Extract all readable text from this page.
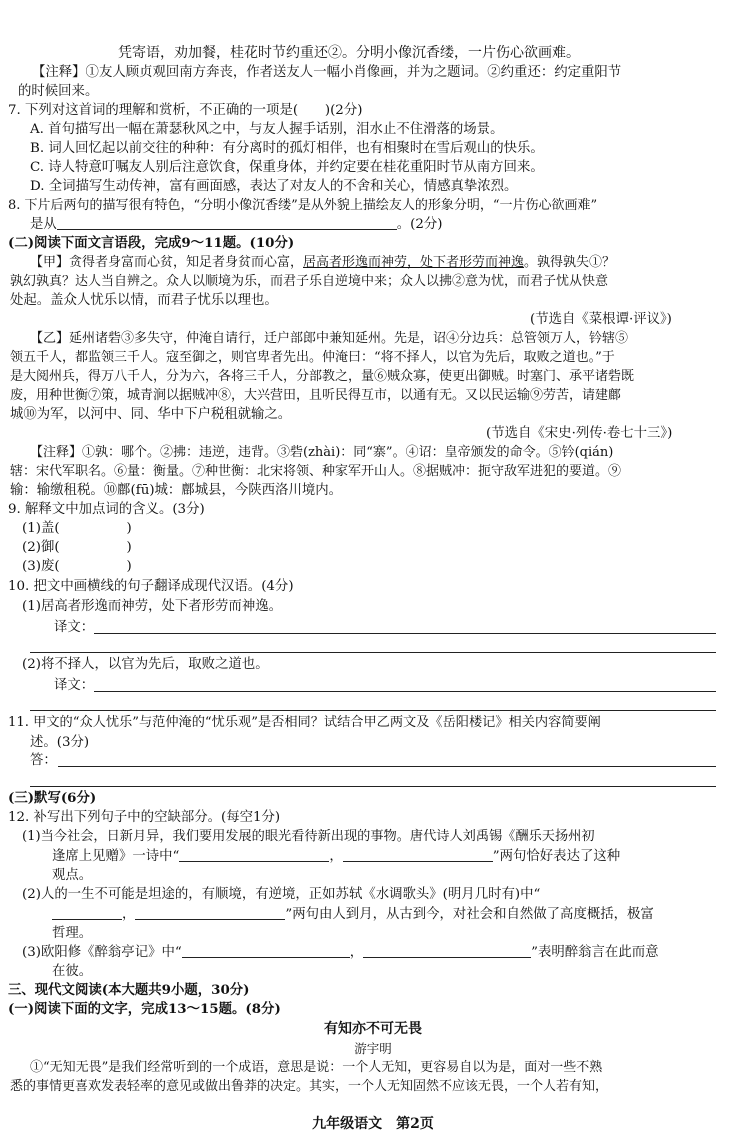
凭寄语，劝加餐，桂花时节约重还②。分明小像沉香缕，一片伤心欲画难。
【注释】①友人顾贞观回南方奔丧，作者送友人一幅小肖像画，并为之题词。②约重还：约定重阳节
的时候回来。
7. 下列对这首词的理解和赏析，不正确的一项是(　　)(2分)
A. 首句描写出一幅在萧瑟秋风之中，与友人握手话别，泪水止不住滑落的场景。
B. 词人回忆起以前交往的种种：有分离时的孤灯相伴，也有相聚时在雪后观山的快乐。
C. 诗人特意叮嘱友人别后注意饮食，保重身体，并约定要在桂花重阳时节从南方回来。
D. 全词描写生动传神，富有画面感，表达了对友人的不舍和关心，情感真挚浓烈。
8. 下片后两句的描写很有特色，“分明小像沉香缕”是从外貌上描绘友人的形象分明，“一片伤心欲画难”
是从	。(2分)
(二)阅读下面文言语段，完成9～11题。(10分)
【甲】贪得者身富而心贫，知足者身贫而心富，居高者形逸而神劳，处下者形劳而神逸。孰得孰失①？
孰幻孰真？达人当自辨之。众人以顺境为乐，而君子乐自逆境中来；众人以拂②意为忧，而君子忧从快意
处起。盖众人忧乐以情，而君子忧乐以理也。
(节选自《菜根谭·评议》)
【乙】延州诸砦③多失守，仲淹自请行，迁户部郎中兼知延州。先是，诏④分边兵：总管领万人，钤辖⑤
领五千人，都监领三千人。寇至御之，则官卑者先出。仲淹曰：“将不择人，以官为先后，取败之道也。”于
是大阅州兵，得万八千人，分为六，各将三千人，分部教之，量⑥贼众寡，使更出御贼。时塞门、承平诸砦既
废，用种世衡⑦策，城青涧以据贼冲⑧，大兴营田，且听民得互市，以通有无。又以民运输⑨劳苦，请建鄜
城⑩为军，以河中、同、华中下户税租就输之。
(节选自《宋史·列传·卷七十三》)
【注释】①孰：哪个。②拂：违逆，违背。③砦(zhài)：同“寨”。④诏：皇帝颁发的命令。⑤钤(qián)
辖：宋代军职名。⑥量：衡量。⑦种世衡：北宋将领、种家军开山人。⑧据贼冲：扼守敌军进犯的要道。⑨
输：输缴租税。⑩鄜(fū)城：鄜城县，今陕西洛川境内。
9. 解释文中加点词的含义。(3分)
(1)盖(　　　　　)
(2)御(　　　　　)
(3)废(　　　　　)
10. 把文中画横线的句子翻译成现代汉语。(4分)
(1)居高者形逸而神劳，处下者形劳而神逸。
译文：
(2)将不择人，以官为先后，取败之道也。
译文：
11. 甲文的“众人忧乐”与范仲淹的“忧乐观”是否相同？试结合甲乙两文及《岳阳楼记》相关内容简要阐
述。(3分)
答：
(三)默写(6分)
12. 补写出下列句子中的空缺部分。(每空1分)
(1)当今社会，日新月异，我们要用发展的眼光看待新出现的事物。唐代诗人刘禹锡《酬乐天扬州初
逢席上见赠》一诗中“	，	”两句恰好表达了这种
观点。
(2)人的一生不可能是坦途的，有顺境，有逆境，正如苏轼《水调歌头》(明月几时有)中“
，	”两句由人到月，从古到今，对社会和自然做了高度概括，极富
哲理。
(3)欧阳修《醉翁亭记》中“	，	”表明醉翁言在此而意
在彼。
三、现代文阅读(本大题共9小题，30分)
(一)阅读下面的文字，完成13～15题。(8分)
有知亦不可无畏
游宇明
①“无知无畏”是我们经常听到的一个成语，意思是说：一个人无知，更容易自以为是，面对一些不熟
悉的事情更喜欢发表轻率的意见或做出鲁莽的决定。其实，一个人无知固然不应该无畏，一个人若有知，
九年级语文　第2页
